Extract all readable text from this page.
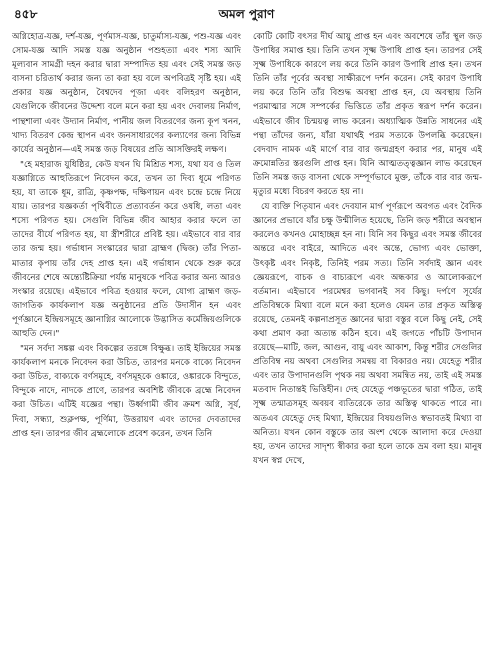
৪৫৮	অমল পুরাণ

অগ্নিহোত্র-যজ্ঞ, দর্শ-যজ্ঞ, পূর্ণমাস-যজ্ঞ, চাতুর্মাস্য-যজ্ঞ, পশু-যজ্ঞ এবং সোম-যজ্ঞ আদি সমস্ত যজ্ঞ অনুষ্ঠান পশুহত্যা এবং শস্য আদি মূল্যবান সামগ্রী দহন করার দ্বারা সম্পাদিত হয় এবং সেই সমস্ত জড় বাসনা চরিতার্থ করার জন্য তা করা হয় বলে অপবিত্রই সৃষ্টি হয়। এই প্রকার যজ্ঞ অনুষ্ঠান, বৈশ্বদেব পূজা এবং বলিহরণ অনুষ্ঠান, যেগুলিকে জীবনের উদ্দেশ্য বলে মনে করা হয় এবং দেবালয় নির্মাণ, পান্থশালা এবং উদ্যান নির্মাণ, পানীয় জল বিতরণের জন্য কূপ খনন, খাদ্য বিতরণ কেন্দ্র স্থাপন এবং জনসাধারণের কল্যাণের জন্য বিভিন্ন কার্যের অনুষ্ঠান—এই সমস্ত জড় বিষয়ের প্রতি আসক্তিরই লক্ষণ।

"হে মহারাজ যুধিষ্ঠির, কেউ যখন ঘি মিশ্রিত শস্য, যথা যব ও তিল যজ্ঞাগ্নিতে আহুতিরূপে নিবেদন করে, তখন তা দিব্য ধূমে পরিণত হয়, যা তাকে ধূম, রাত্রি, কৃষ্ণপক্ষ, দক্ষিণায়ন এবং চন্দ্রে চন্দ্রে নিয়ে যায়। তারপর যজ্ঞকর্তা পৃথিবীতে প্রত্যাবর্তন করে ওষধি, লতা এবং শস্যে পরিণত হয়। সেগুলি বিভিন্ন জীব আহার করার ফলে তা তাদের বীর্যে পরিণত হয়, যা স্ত্রীশরীরে প্রবিষ্ট হয়। এইভাবে বার বার তার জন্ম হয়। গর্ভাধান সংস্কারের দ্বারা ব্রাহ্মণ (দ্বিজ) তাঁর পিতা-মাতার কৃপায় তাঁর দেহ প্রাপ্ত হন। এই গর্ভাধান থেকে শুরু করে জীবনের শেষে অন্ত্যেষ্টিক্রিয়া পর্যন্ত মানুষকে পবিত্র করার অন্য আরও সংস্কার রয়েছে। এইভাবে পবিত্র হওয়ার ফলে, যোগ্য ব্রাহ্মণ জড়-জাগতিক কার্যকলাপ যজ্ঞ অনুষ্ঠানের প্রতি উদাসীন হন এবং পূর্ণজ্ঞানে ইন্দ্রিয়সমূহে জ্ঞানাগ্নির আলোকে উদ্ভাসিত কর্মেন্দ্রিয়গুলিকে আহুতি দেন।"

"মন সর্বদা সঙ্কল্প এবং বিকল্পের তরঙ্গে বিক্ষুব্ধ। তাই ইন্দ্রিয়ের সমস্ত কার্যকলাপ মনকে নিবেদন করা উচিত, তারপর মনকে বাক্যে নিবেদন করা উচিত, বাক্যকে বর্ণসমূহে, বর্ণসমূহকে ওঙ্কারে, ওঙ্কারকে বিন্দুতে, বিন্দুকে নাদে, নাদকে প্রাণে, তারপর অবশিষ্ট জীবকে ব্রহ্মে নিবেদন করা উচিত। এটিই যজ্ঞের পন্থা। উর্ধ্বগামী জীব ক্রমশ অগ্নি, সূর্য, দিবা, সন্ধ্যা, শুক্লপক্ষ, পূর্ণিমা, উত্তরায়ণ এবং তাদের দেবতাদের প্রাপ্ত হন। তারপর জীব ব্রহ্মলোকে প্রবেশ করেন, তখন তিনি

কোটি কোটি বৎসর দীর্ঘ আয়ু প্রাপ্ত হন এবং অবশেষে তাঁর স্থূল জড় উপাধির সমাপ্ত হয়। তিনি তখন সূক্ষ্ম উপাধি প্রাপ্ত হন। তারপর সেই সূক্ষ্ম উপাধিকে কারণে লয় করে তিনি কারণ উপাধি প্রাপ্ত হন। তখন তিনি তাঁর পূর্বের অবস্থা সাক্ষীরূপে দর্শন করেন। সেই কারণ উপাধি লয় করে তিনি তাঁর বিশুদ্ধ অবস্থা প্রাপ্ত হন, যে অবস্থায় তিনি পরমাত্মার সঙ্গে সম্পর্কের ভিত্তিতে তাঁর প্রকৃত স্বরূপ দর্শন করেন। এইভাবে জীব চিন্ময়ত্ব লাভ করেন। অধ্যাত্মিক উন্নতি সাধনের এই পন্থা তাঁদের জন্য, যাঁরা যথার্থই পরম সত্যকে উপলব্ধি করেছেন। বেদবাদ নামক এই মার্গে বার বার জন্মগ্রহণ করার পর, মানুষ এই ক্রমোন্নতির স্তরগুলি প্রাপ্ত হন। যিনি আত্মতত্ত্বজ্ঞান লাভ করেছেন তিনি সমস্ত জড় বাসনা থেকে সম্পূর্ণভাবে মুক্ত, তাঁকে বার বার জন্ম-মৃত্যুর মধ্যে বিচরণ করতে হয় না।

যে ব্যক্তি পিতৃযান এবং দেবযান মার্গ পূর্ণরূপে অবগত এবং বৈদিক জ্ঞানের প্রভাবে যাঁর চক্ষু উন্মীলিত হয়েছে, তিনি জড় শরীরে অবস্থান করলেও কখনও মোহাচ্ছন্ন হন না। যিনি সব কিছুর এবং সমস্ত জীবের অন্তরে এবং বাইরে, আদিতে এবং অন্তে, ভোগ্য এবং ভোক্তা, উৎকৃষ্ট এবং নিকৃষ্ট, তিনিই পরম সত্য। তিনি সর্বদাই জ্ঞান এবং জ্ঞেয়রূপে, বাচক ও বাচ্যরূপে এবং অন্ধকার ও আলোকরূপে বর্তমান। এইভাবে পরমেশ্বর ভগবানই সব কিছু। দর্পণে সূর্যের প্রতিবিম্বকে মিথ্যা বলে মনে করা হলেও যেমন তার প্রকৃত অস্তিত্ব রয়েছে, তেমনই কল্পনাপ্রসূত জ্ঞানের দ্বারা বস্তুর বলে কিছু নেই, সেই কথা প্রমাণ করা অত্যন্ত কঠিন হবে। এই জগতে পাঁচটি উপাদান রয়েছে—মাটি, জল, আগুন, বায়ু এবং আকাশ, কিন্তু শরীর সেগুলির প্রতিবিম্ব নয় অথবা সেগুলির সমন্বয় বা বিকারও নয়। যেহেতু শরীর এবং তার উপাদানগুলি পৃথক নয় অথবা সমন্বিত নয়, তাই এই সমস্ত মতবাদ নিতান্তই ভিত্তিহীন। দেহ যেহেতু পঞ্চভূতের দ্বারা গঠিত, তাই সূক্ষ্ম তন্মাত্রসমূহ অবয়ব ব্যতিরেকে তার অস্তিত্ব থাকতে পারে না। অতএব যেহেতু দেহ মিথ্যা, ইন্দ্রিয়ের বিষয়গুলিও স্বভাবতই মিথ্যা বা অনিত্য। যখন কোন বস্তুকে তার অংশ থেকে আলাদা করে দেওয়া হয়, তখন তাদের সাদৃশ্য স্বীকার করা হলে তাকে ভ্রম বলা হয়। মানুষ যখন স্বপ্ন দেখে,
